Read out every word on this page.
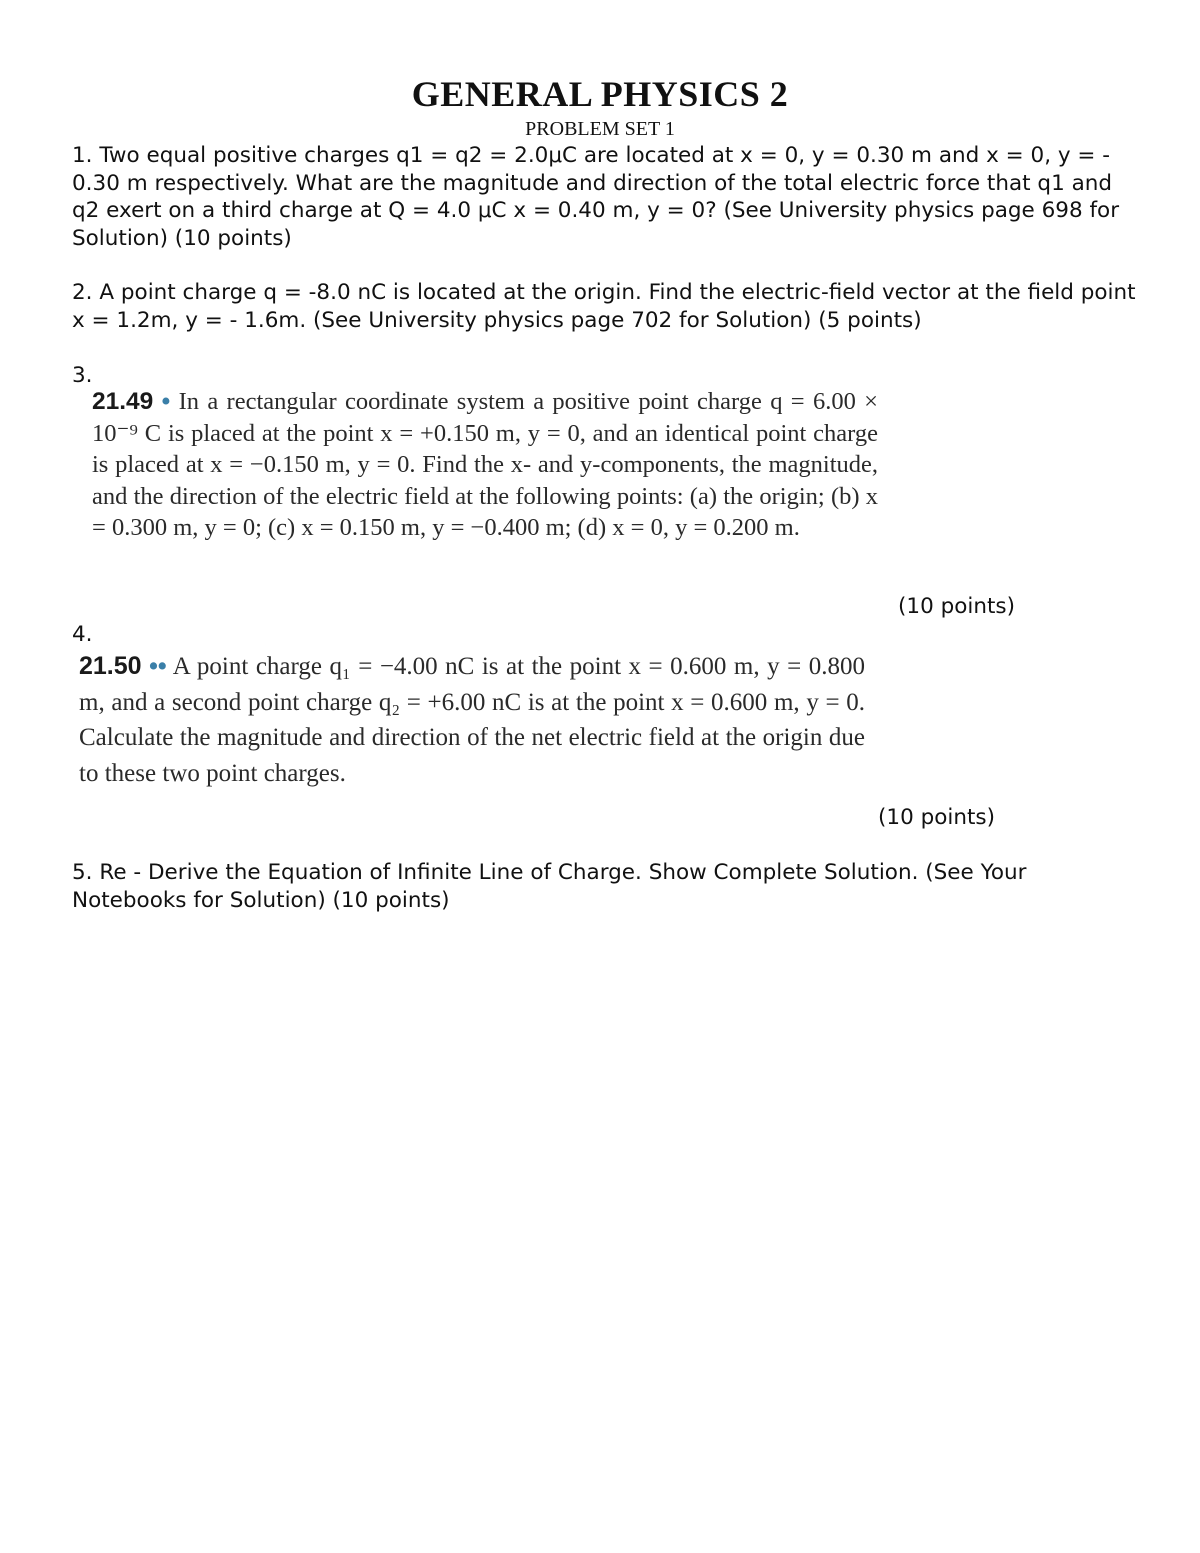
GENERAL PHYSICS 2
PROBLEM SET 1

1. Two equal positive charges q1 = q2 = 2.0μC are located at x = 0, y = 0.30 m and x = 0, y = - 0.30 m respectively. What are the magnitude and direction of the total electric force that q1 and q2 exert on a third charge at Q = 4.0 μC x = 0.40 m, y = 0? (See University physics page 698 for Solution) (10 points)

2. A point charge q = -8.0 nC is located at the origin. Find the electric-field vector at the field point x = 1.2m, y = - 1.6m. (See University physics page 702 for Solution) (5 points)

3.

21.49 • In a rectangular coordinate system a positive point charge q = 6.00 × 10⁻⁹ C is placed at the point x = +0.150 m, y = 0, and an identical point charge is placed at x = −0.150 m, y = 0. Find the x- and y-components, the magnitude, and the direction of the electric field at the following points: (a) the origin; (b) x = 0.300 m, y = 0; (c) x = 0.150 m, y = −0.400 m; (d) x = 0, y = 0.200 m.

(10 points)
4.

21.50 •• A point charge q₁ = −4.00 nC is at the point x = 0.600 m, y = 0.800 m, and a second point charge q₂ = +6.00 nC is at the point x = 0.600 m, y = 0. Calculate the magnitude and direction of the net electric field at the origin due to these two point charges.

(10 points)

5. Re - Derive the Equation of Infinite Line of Charge. Show Complete Solution. (See Your Notebooks for Solution) (10 points)
